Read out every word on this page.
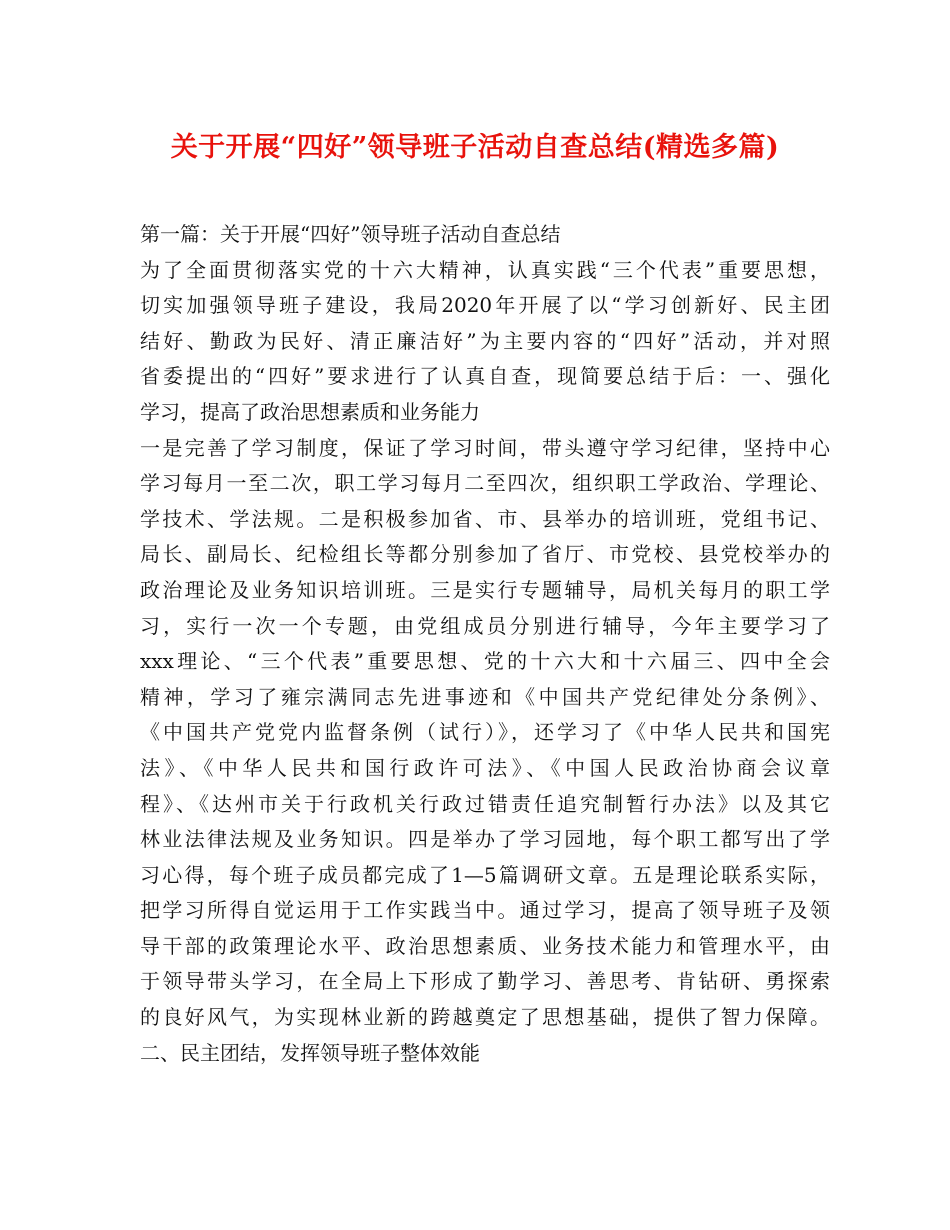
关于开展“四好”领导班子活动自查总结(精选多篇)
第一篇：关于开展“四好”领导班子活动自查总结
为了全面贯彻落实党的十六大精神，认真实践“三个代表”重要思想，
切实加强领导班子建设，我局2020年开展了以“学习创新好、民主团
结好、勤政为民好、清正廉洁好”为主要内容的“四好”活动，并对照
省委提出的“四好”要求进行了认真自查，现简要总结于后：一、强化
学习，提高了政治思想素质和业务能力
一是完善了学习制度，保证了学习时间，带头遵守学习纪律，坚持中心
学习每月一至二次，职工学习每月二至四次，组织职工学政治、学理论、
学技术、学法规。二是积极参加省、市、县举办的培训班，党组书记、
局长、副局长、纪检组长等都分别参加了省厅、市党校、县党校举办的
政治理论及业务知识培训班。三是实行专题辅导，局机关每月的职工学
习，实行一次一个专题，由党组成员分别进行辅导，今年主要学习了
xxx理论、“三个代表”重要思想、党的十六大和十六届三、四中全会
精神，学习了雍宗满同志先进事迹和《中国共产党纪律处分条例》、
《中国共产党党内监督条例（试行）》，还学习了《中华人民共和国宪
法》、《中华人民共和国行政许可法》、《中国人民政治协商会议章
程》、《达州市关于行政机关行政过错责任追究制暂行办法》以及其它
林业法律法规及业务知识。四是举办了学习园地，每个职工都写出了学
习心得，每个班子成员都完成了1—5篇调研文章。五是理论联系实际，
把学习所得自觉运用于工作实践当中。通过学习，提高了领导班子及领
导干部的政策理论水平、政治思想素质、业务技术能力和管理水平，由
于领导带头学习，在全局上下形成了勤学习、善思考、肯钻研、勇探索
的良好风气，为实现林业新的跨越奠定了思想基础，提供了智力保障。
二、民主团结，发挥领导班子整体效能
